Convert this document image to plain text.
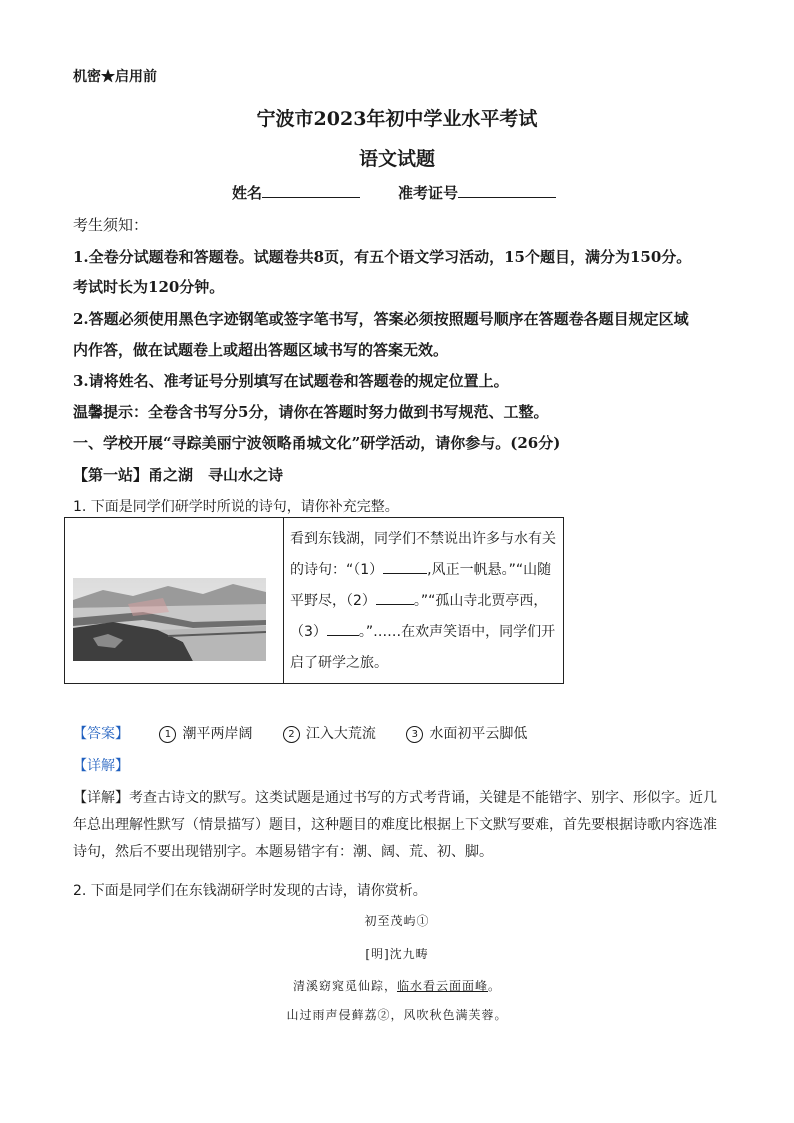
机密★启用前
宁波市2023年初中学业水平考试
语文试题
姓名	准考证号
考生须知：
1.全卷分试题卷和答题卷。试题卷共8页，有五个语文学习活动，15个题目，满分为150分。
考试时长为120分钟。
2.答题必须使用黑色字迹钢笔或签字笔书写，答案必须按照题号顺序在答题卷各题目规定区域
内作答，做在试题卷上或超出答题区域书写的答案无效。
3.请将姓名、准考证号分别填写在试题卷和答题卷的规定位置上。
温馨提示：全卷含书写分5分，请你在答题时努力做到书写规范、工整。
一、学校开展“寻踪美丽宁波领略甬城文化”研学活动，请你参与。(26分)
【第一站】甬之湖　寻山水之诗
1. 下面是同学们研学时所说的诗句，请你补充完整。
看到东钱湖，同学们不禁说出许多与水有关的诗句：“（1）	,风正一帆悬。”“山随平野尽，（2）	。”“孤山寺北贾亭西，（3） 。”……在欢声笑语中，同学们开启了研学之旅。
【答案】	1 潮平两岸阔	2 江入大荒流	3 水面初平云脚低
【详解】
【详解】考查古诗文的默写。这类试题是通过书写的方式考背诵，关键是不能错字、别字、形似字。近几年总出理解性默写（情景描写）题目，这种题目的难度比根据上下文默写要难，首先要根据诗歌内容选准诗句，然后不要出现错别字。本题易错字有：潮、阔、荒、初、脚。
2. 下面是同学们在东钱湖研学时发现的古诗，请你赏析。
初至茂屿①
[明]沈九畴
清溪窈窕觅仙踪，临水看云面面峰。
山过雨声侵藓荔②，风吹秋色满芙蓉。
